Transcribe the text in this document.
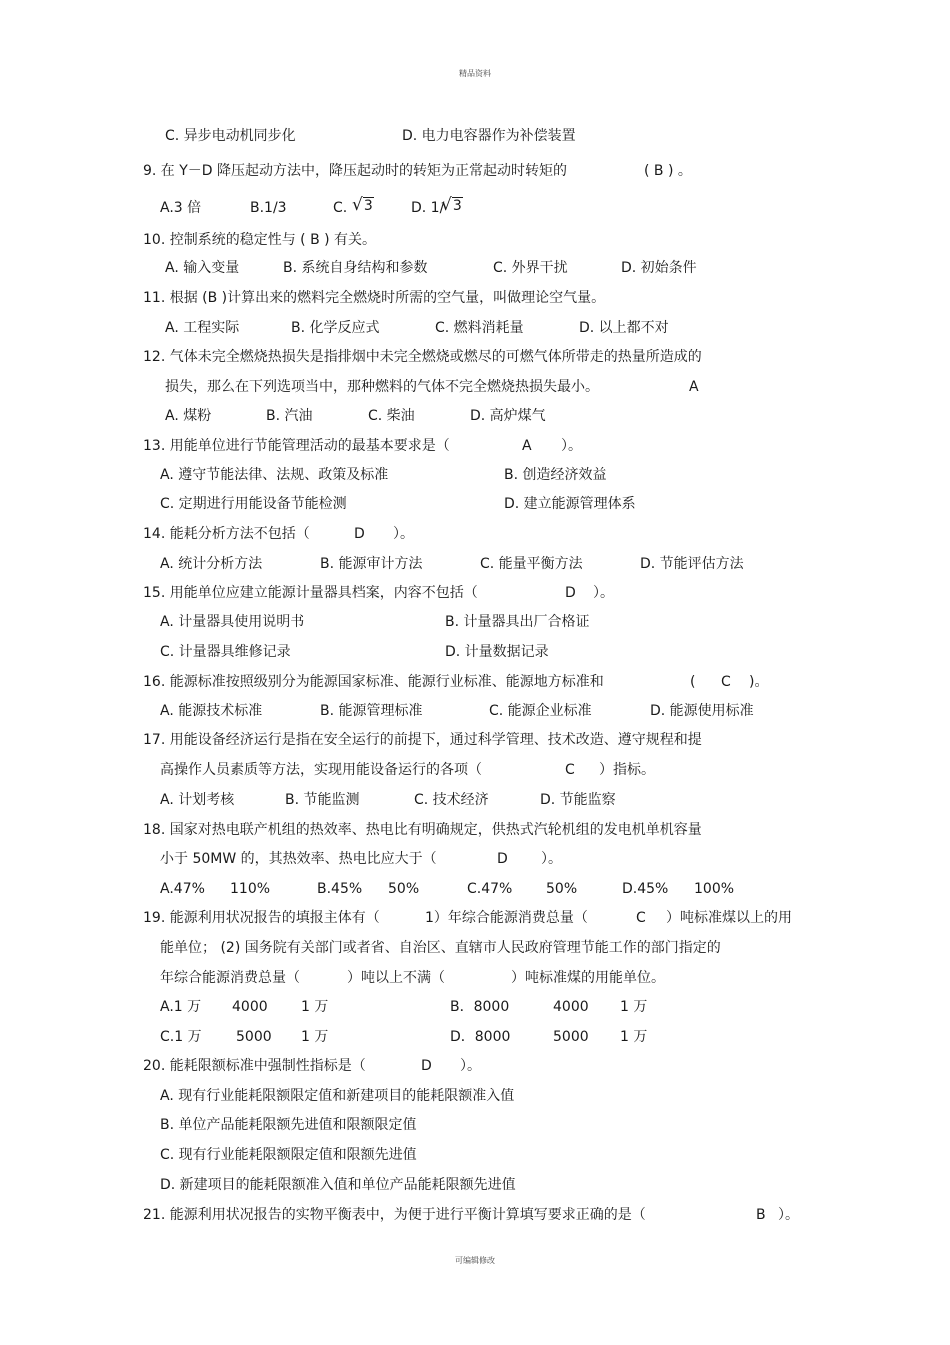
精品资料
C. 异步电动机同步化	D. 电力电容器作为补偿装置
9. 在 Y－D 降压起动方法中，降压起动时的转矩为正常起动时转矩的	( B ) 。
A.3 倍	B.1/3	C.	D. 1/
10. 控制系统的稳定性与 ( B ) 有关。
A. 输入变量	B. 系统自身结构和参数	C. 外界干扰	D. 初始条件
11. 根据 (B )计算出来的燃料完全燃烧时所需的空气量，叫做理论空气量。
A. 工程实际	B. 化学反应式	C. 燃料消耗量	D. 以上都不对
12. 气体未完全燃烧热损失是指排烟中未完全燃烧或燃尽的可燃气体所带走的热量所造成的
损失，那么在下列选项当中，那种燃料的气体不完全燃烧热损失最小。	A
A. 煤粉	B. 汽油	C. 柴油	D. 高炉煤气
13. 用能单位进行节能管理活动的最基本要求是（	A ）。
A. 遵守节能法律、法规、政策及标准	B. 创造经济效益
C. 定期进行用能设备节能检测	D. 建立能源管理体系
14. 能耗分析方法不包括（	D ）。
A. 统计分析方法	B. 能源审计方法	C. 能量平衡方法	D. 节能评估方法
15. 用能单位应建立能源计量器具档案，内容不包括（	D ）。
A. 计量器具使用说明书	B. 计量器具出厂合格证
C. 计量器具维修记录	D. 计量数据记录
16. 能源标准按照级别分为能源国家标准、能源行业标准、能源地方标准和	( C )。
A. 能源技术标准	B. 能源管理标准	C. 能源企业标准	D. 能源使用标准
17. 用能设备经济运行是指在安全运行的前提下，通过科学管理、技术改造、遵守规程和提
高操作人员素质等方法，实现用能设备运行的各项（	C ）指标。
A. 计划考核	B. 节能监测	C. 技术经济	D. 节能监察
18. 国家对热电联产机组的热效率、热电比有明确规定，供热式汽轮机组的发电机单机容量
小于 50MW 的，其热效率、热电比应大于（	D ）。
A.47% 110%	B.45% 50%	C.47% 50%	D.45% 100%
19. 能源利用状况报告的填报主体有（	1）年综合能源消费总量（	C ）吨标准煤以上的用
能单位； (2) 国务院有关部门或者省、自治区、直辖市人民政府管理节能工作的部门指定的
年综合能源消费总量（	）吨以上不满（	）吨标准煤的用能单位。
A.1 万 4000 1 万	B．8000	4000 1 万
C.1 万 5000 1 万	D．8000	5000 1 万
20. 能耗限额标准中强制性指标是（	D ）。
A. 现有行业能耗限额限定值和新建项目的能耗限额准入值
B. 单位产品能耗限额先进值和限额限定值
C. 现有行业能耗限额限定值和限额先进值
D. 新建项目的能耗限额准入值和单位产品能耗限额先进值
21. 能源利用状况报告的实物平衡表中，为便于进行平衡计算填写要求正确的是（	B ）。
√3	√3
可编辑修改
